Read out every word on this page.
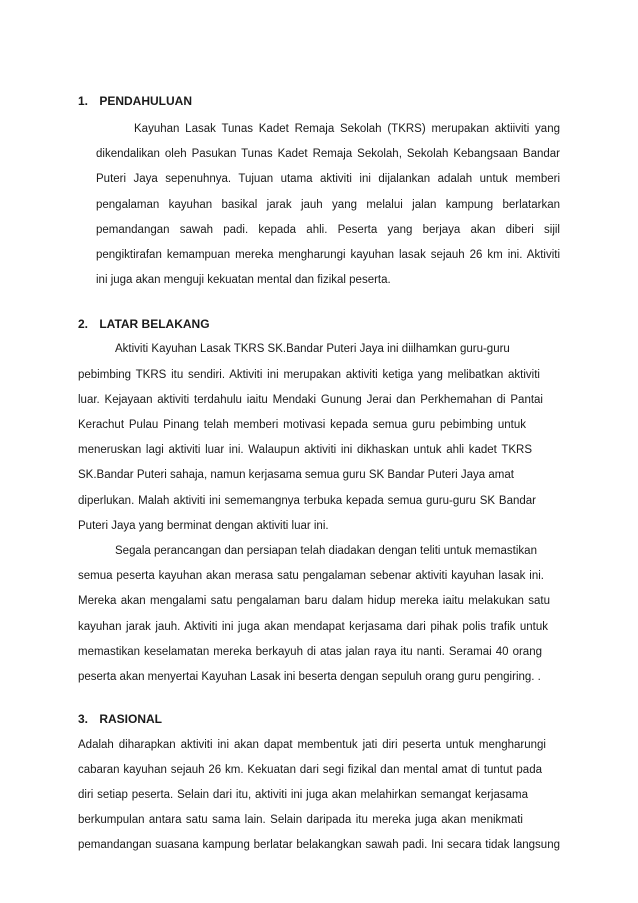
1. PENDAHULUAN

Kayuhan Lasak Tunas Kadet Remaja Sekolah (TKRS) merupakan aktiiviti yang

dikendalikan oleh Pasukan Tunas Kadet Remaja Sekolah, Sekolah Kebangsaan Bandar

Puteri Jaya sepenuhnya. Tujuan utama aktiviti ini dijalankan adalah untuk memberi

pengalaman kayuhan basikal jarak jauh yang melalui jalan kampung berlatarkan

pemandangan sawah padi. kepada ahli. Peserta yang berjaya akan diberi sijil

pengiktirafan kemampuan mereka mengharungi kayuhan lasak sejauh 26 km ini. Aktiviti

ini juga akan menguji kekuatan mental dan fizikal peserta.

2. LATAR BELAKANG

Aktiviti Kayuhan Lasak TKRS SK.Bandar Puteri Jaya ini diilhamkan guru-guru

pebimbing TKRS itu sendiri. Aktiviti ini merupakan aktiviti ketiga yang melibatkan aktiviti

luar. Kejayaan aktiviti terdahulu iaitu Mendaki Gunung Jerai dan Perkhemahan di Pantai

Kerachut Pulau Pinang telah memberi motivasi kepada semua guru pebimbing untuk

meneruskan lagi aktiviti luar ini. Walaupun aktiviti ini dikhaskan untuk ahli kadet TKRS

SK.Bandar Puteri sahaja, namun kerjasama semua guru SK Bandar Puteri Jaya amat

diperlukan. Malah aktiviti ini sememangnya terbuka kepada semua guru-guru SK Bandar

Puteri Jaya yang berminat dengan aktiviti luar ini.

Segala perancangan dan persiapan telah diadakan dengan teliti untuk memastikan

semua peserta kayuhan akan merasa satu pengalaman sebenar aktiviti kayuhan lasak ini.

Mereka akan mengalami satu pengalaman baru dalam hidup mereka iaitu melakukan satu

kayuhan jarak jauh. Aktiviti ini juga akan mendapat kerjasama dari pihak polis trafik untuk

memastikan keselamatan mereka berkayuh di atas jalan raya itu nanti. Seramai 40 orang

peserta akan menyertai Kayuhan Lasak ini beserta dengan sepuluh orang guru pengiring. .

3. RASIONAL

Adalah diharapkan aktiviti ini akan dapat membentuk jati diri peserta untuk mengharungi

cabaran kayuhan sejauh 26 km. Kekuatan dari segi fizikal dan mental amat di tuntut pada

diri setiap peserta. Selain dari itu, aktiviti ini juga akan melahirkan semangat kerjasama

berkumpulan antara satu sama lain. Selain daripada itu mereka juga akan menikmati

pemandangan suasana kampung berlatar belakangkan sawah padi. Ini secara tidak langsung
